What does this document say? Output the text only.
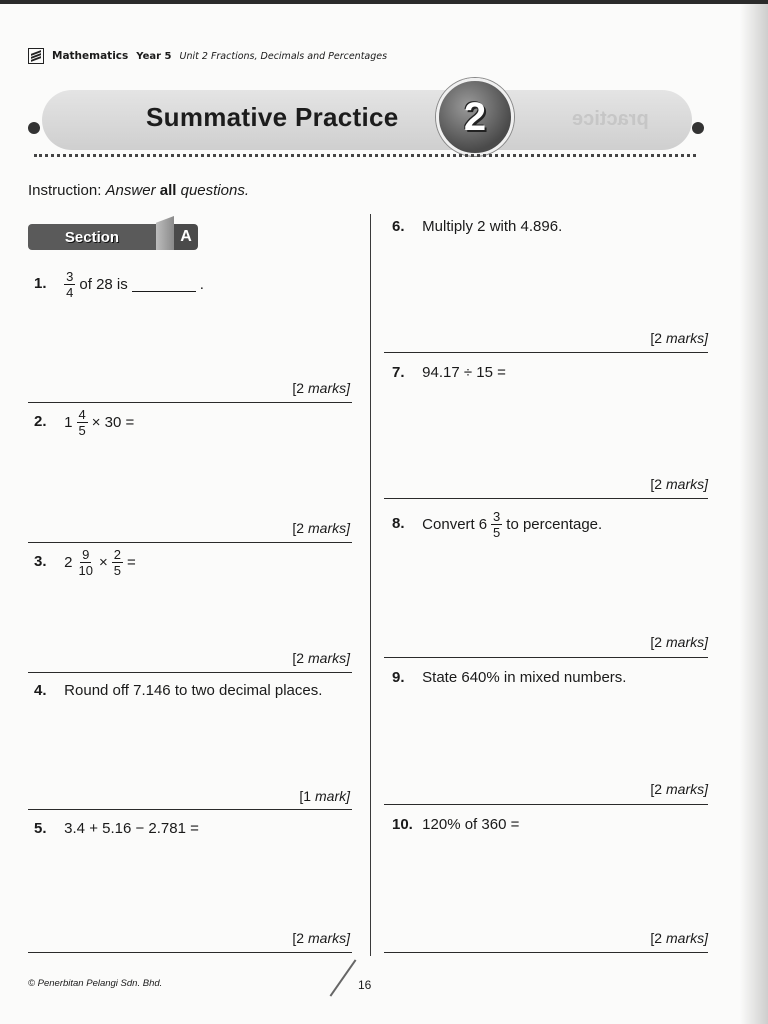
Mathematics Year 5 Unit 2 Fractions, Decimals and Percentages
practice
Summative Practice 2
Instruction: Answer all questions.
Section	A
1. $\frac{3}{4}$ of 28 is	.
[2 marks]
2. $1 \frac{4}{5} \times 30$ =
[2 marks]
3. $2 \frac{9}{10} \times \frac{2}{5}$ =
[2 marks]
4. Round off 7.146 to two decimal places.
[1 mark]
5. 3.4 + 5.16 − 2.781 =
[2 marks]
6. Multiply 2 with 4.896.
[2 marks]
7. 94.17 ÷ 15 =
[2 marks]
8. Convert $6 \frac{3}{5}$ to percentage.
[2 marks]
9. State 640% in mixed numbers.
[2 marks]
10. 120% of 360 =
[2 marks]
© Penerbitan Pelangi Sdn. Bhd.	16
